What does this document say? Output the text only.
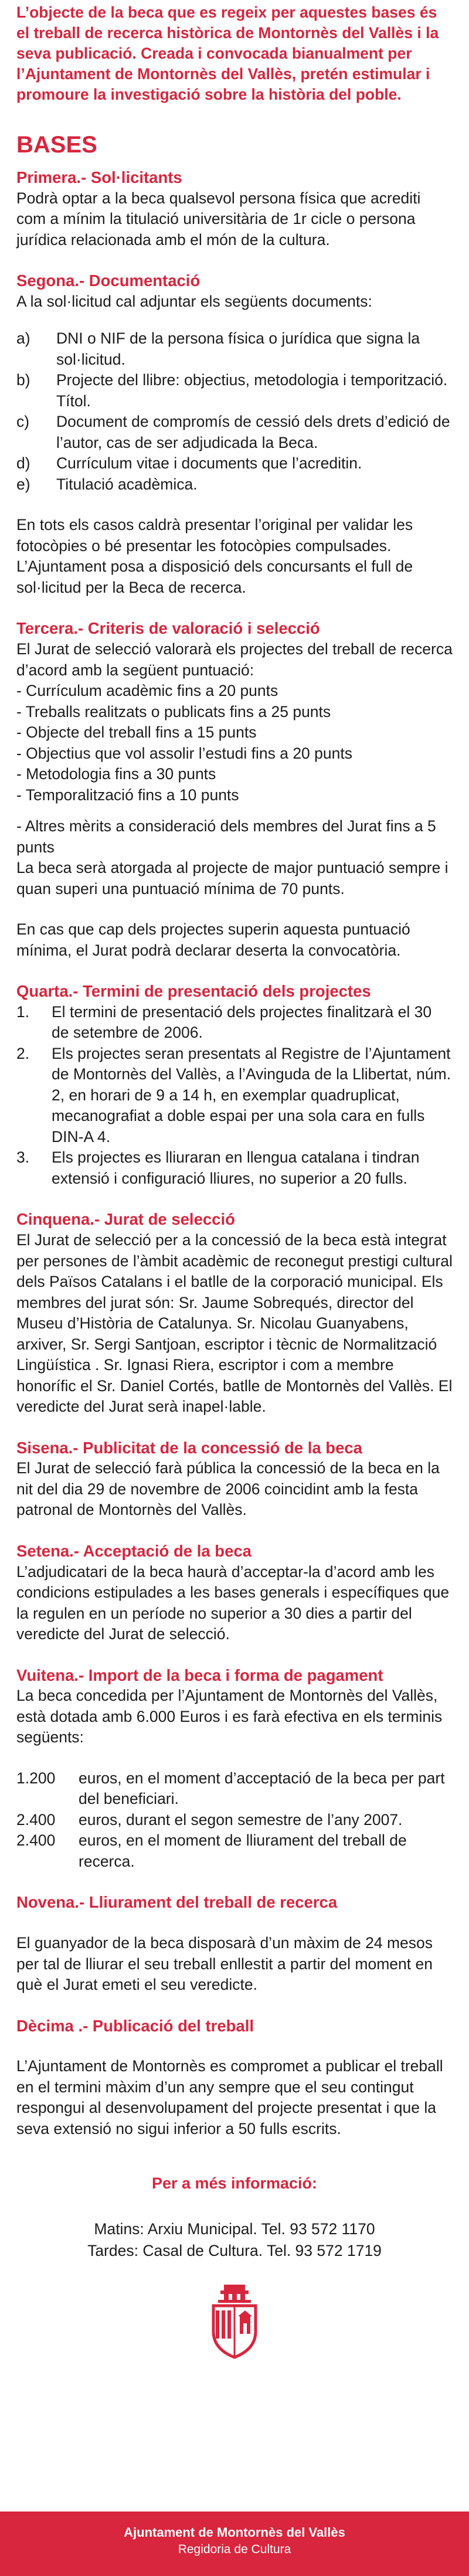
L’objecte de la beca que es regeix per aquestes bases és el treball de recerca històrica de Montornès del Vallès i la seva publicació. Creada i convocada bianualment per l’Ajuntament de Montornès del Vallès, pretén estimular i promoure la investigació sobre la història del poble.

BASES
Primera.- Sol·licitants

Podrà optar a la beca qualsevol persona física que acrediti com a mínim la titulació universitària de 1r cicle o persona jurídica relacionada amb el món de la cultura.

Segona.- Documentació

A la sol·licitud cal adjuntar els següents documents:

a)	DNI o NIF de la persona física o jurídica que signa la sol·licitud.
b)	Projecte del llibre: objectius, metodologia i temporització. Títol.
c)	Document de compromís de cessió dels drets d’edició de l’autor, cas de ser adjudicada la Beca.
d)	Currículum vitae i documents que l’acreditin.
e)	Titulació acadèmica.

En tots els casos caldrà presentar l’original per validar les fotocòpies o bé presentar les fotocòpies compulsades. L’Ajuntament posa a disposició dels concursants el full de sol·licitud per la Beca de recerca.

Tercera.- Criteris de valoració i selecció

El Jurat de selecció valorarà els projectes del treball de recerca d’acord amb la següent puntuació:

- Currículum acadèmic fins a 20 punts
- Treballs realitzats o publicats fins a 25 punts
- Objecte del treball fins a 15 punts
- Objectius que vol assolir l’estudi fins a 20 punts
- Metodologia fins a 30 punts
- Temporalització fins a 10 punts

- Altres mèrits a consideració dels membres del Jurat fins a 5 punts

La beca serà atorgada al projecte de major puntuació sempre i quan superi una puntuació mínima de 70 punts.

En cas que cap dels projectes superin aquesta puntuació mínima, el Jurat podrà declarar deserta la convocatòria.

Quarta.- Termini de presentació dels projectes
1.	El termini de presentació dels projectes finalitzarà el 30 de setembre de 2006.
2.	Els projectes seran presentats al Registre de l’Ajuntament de Montornès del Vallès, a l’Avinguda de la Llibertat, núm. 2, en horari de 9 a 14 h, en exemplar quadruplicat, mecanografiat a doble espai per una sola cara en fulls DIN-A 4.
3.	Els projectes es lliuraran en llengua catalana i tindran extensió i configuració lliures, no superior a 20 fulls.
Cinquena.- Jurat de selecció

El Jurat de selecció per a la concessió de la beca està integrat per persones de l’àmbit acadèmic de reconegut prestigi cultural dels Països Catalans i el batlle de la corporació municipal. Els membres del jurat són: Sr. Jaume Sobrequés, director del Museu d’Història de Catalunya. Sr. Nicolau Guanyabens, arxiver, Sr. Sergi Santjoan, escriptor i tècnic de Normalització Lingüística . Sr. Ignasi Riera, escriptor i com a membre honorífic el Sr. Daniel Cortés, batlle de Montornès del Vallès. El veredicte del Jurat serà inapel·lable.

Sisena.- Publicitat de la concessió de la beca

El Jurat de selecció farà pública la concessió de la beca en la nit del dia 29 de novembre de 2006 coincidint amb la festa patronal de Montornès del Vallès.

Setena.- Acceptació de la beca

L’adjudicatari de la beca haurà d’acceptar-la d’acord amb les condicions estipulades a les bases generals i específiques que la regulen en un període no superior a 30 dies a partir del veredicte del Jurat de selecció.

Vuitena.- Import de la beca i forma de pagament

La beca concedida per l’Ajuntament de Montornès del Vallès, està dotada amb 6.000 Euros i es farà efectiva en els terminis següents:

1.200	euros, en el moment d’acceptació de la beca per part del beneficiari.
2.400	euros, durant el segon semestre de l’any 2007.
2.400	euros, en el moment de lliurament del treball de recerca.
Novena.- Lliurament del treball de recerca

El guanyador de la beca disposarà d’un màxim de 24 mesos per tal de lliurar el seu treball enllestit a partir del moment en què el Jurat emeti el seu veredicte.

Dècima .- Publicació del treball

L’Ajuntament de Montornès es compromet a publicar el treball en el termini màxim d’un any sempre que el seu contingut respongui al desenvolupament del projecte presentat i que la seva extensió no sigui inferior a 50 fulls escrits.

Per a més informació:
Matins: Arxiu Municipal. Tel. 93 572 1170
Tardes: Casal de Cultura. Tel. 93 572 1719
Ajuntament de Montornès del Vallès
Regidoria de Cultura
